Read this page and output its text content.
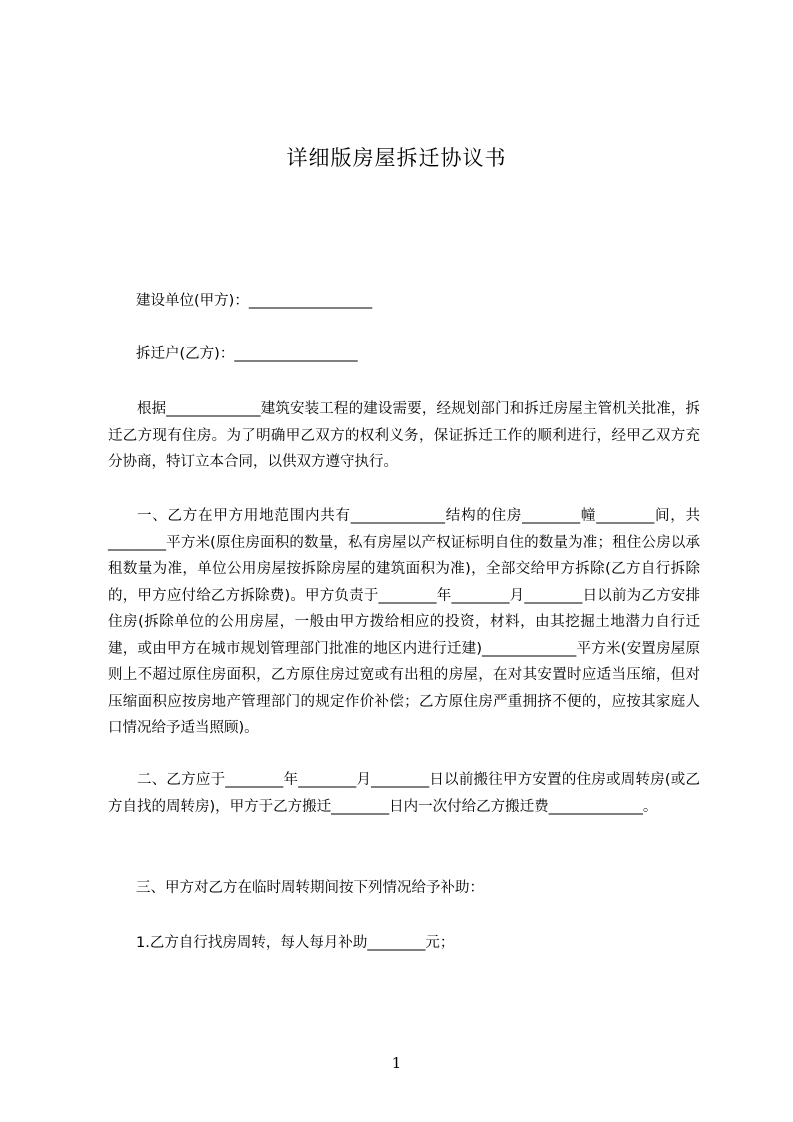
详细版房屋拆迁协议书
建设单位(甲方)：_________________
拆迁户(乙方)：_________________
根据_____________建筑安装工程的建设需要，经规划部门和拆迁房屋主管机关批准，拆迁乙方现有住房。为了明确甲乙双方的权利义务，保证拆迁工作的顺利进行，经甲乙双方充分协商，特订立本合同，以供双方遵守执行。
一、乙方在甲方用地范围内共有_____________结构的住房________幢________间，共________平方米(原住房面积的数量，私有房屋以产权证标明自住的数量为准；租住公房以承租数量为准，单位公用房屋按拆除房屋的建筑面积为准)，全部交给甲方拆除(乙方自行拆除的，甲方应付给乙方拆除费)。甲方负责于________年________月________日以前为乙方安排住房(拆除单位的公用房屋，一般由甲方拨给相应的投资，材料，由其挖掘土地潜力自行迁建，或由甲方在城市规划管理部门批准的地区内进行迁建)_____________平方米(安置房屋原则上不超过原住房面积，乙方原住房过宽或有出租的房屋，在对其安置时应适当压缩，但对压缩面积应按房地产管理部门的规定作价补偿；乙方原住房严重拥挤不便的，应按其家庭人口情况给予适当照顾)。
二、乙方应于________年________月________日以前搬往甲方安置的住房或周转房(或乙方自找的周转房)，甲方于乙方搬迁________日内一次付给乙方搬迁费_____________。
三、甲方对乙方在临时周转期间按下列情况给予补助：
1.乙方自行找房周转，每人每月补助________元；
1
